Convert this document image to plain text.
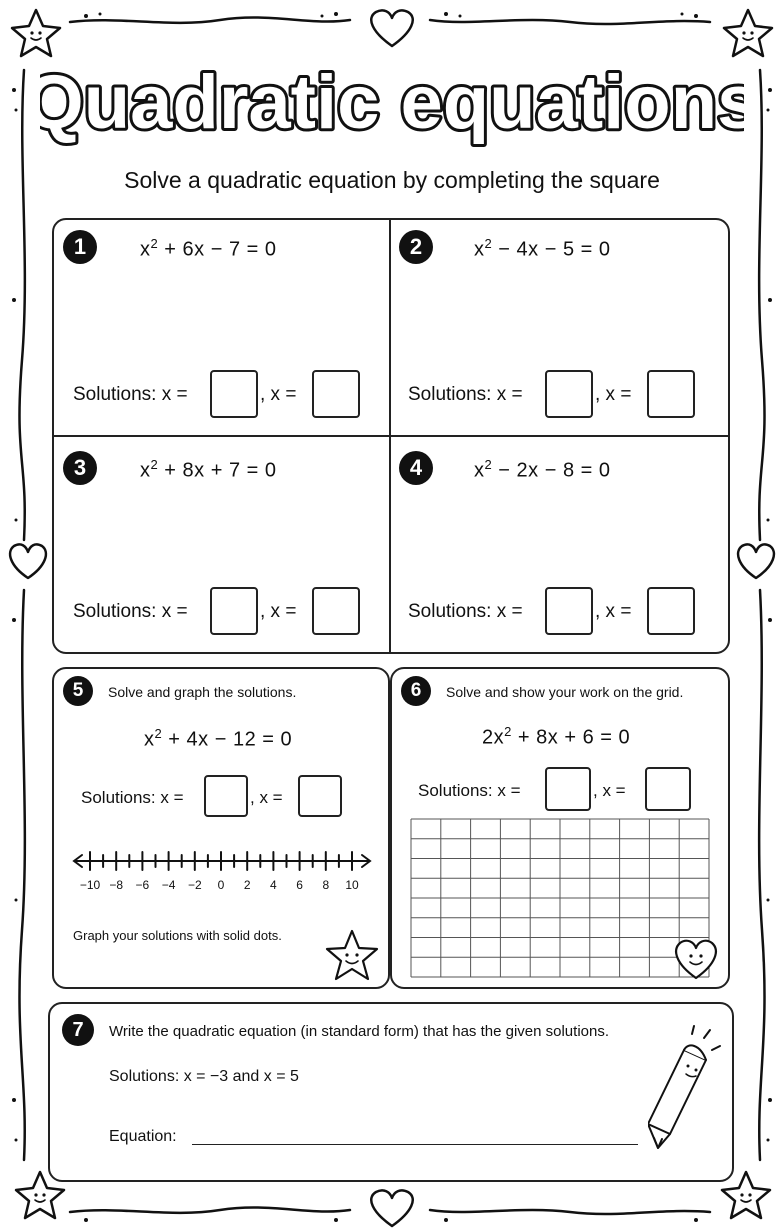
Quadratic equations
Solve a quadratic equation by completing the square
1	$x^2 + 6x - 7 = 0$
Solutions: x =	, x =
2	$x^2 - 4x - 5 = 0$
Solutions: x =	, x =
3	$x^2 + 8x + 7 = 0$
Solutions: x =	, x =
4	$x^2 - 2x - 8 = 0$
Solutions: x =	, x =
5	Solve and graph the solutions.
$x^2 + 4x - 12 = 0$
Solutions: x =	, x =
−10 −8 −6 −4 −2 0 2 4 6 8 10
Graph your solutions with solid dots.
6	Solve and show your work on the grid.
$2x^2 + 8x + 6 = 0$
Solutions: x =	, x =
7	Write the quadratic equation (in standard form) that has the given solutions.
Solutions: x = −3 and x = 5
Equation:
